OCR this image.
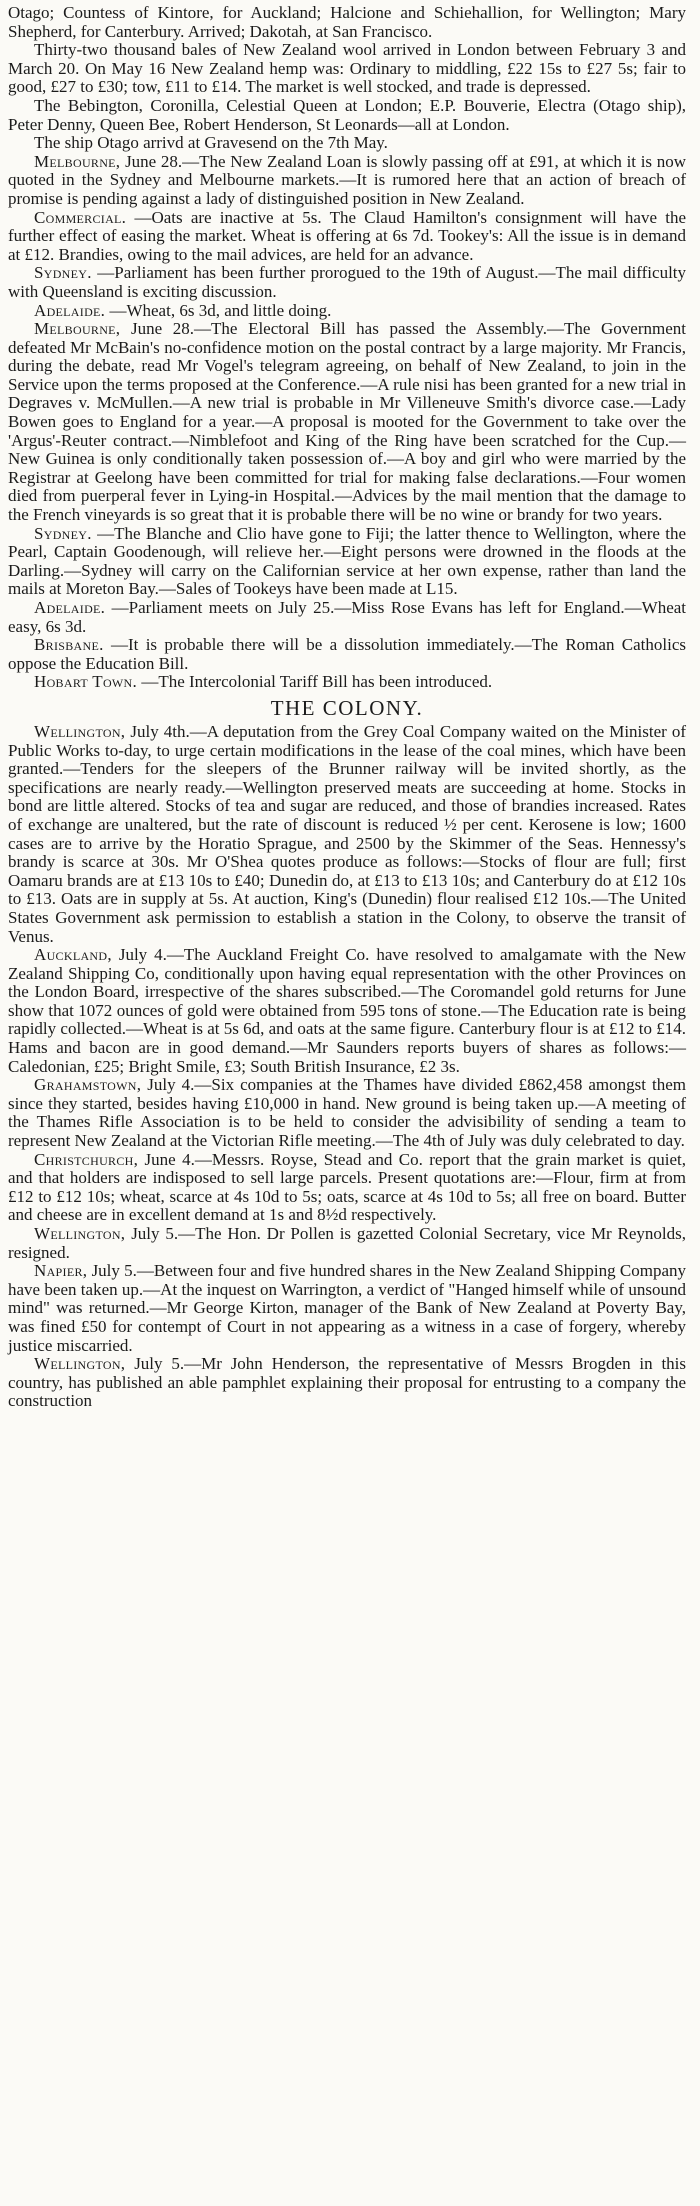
Otago; Countess of Kintore, for Auckland; Halcione and Schiehallion, for Wellington; Mary Shepherd, for Canterbury. Arrived; Dakotah, at San Francisco.

Thirty-two thousand bales of New Zealand wool arrived in London between February 3 and March 20. On May 16 New Zealand hemp was: Ordinary to middling, £22 15s to £27 5s; fair to good, £27 to £30; tow, £11 to £14. The market is well stocked, and trade is depressed.

The Bebington, Coronilla, Celestial Queen at London; E.P. Bouverie, Electra (Otago ship), Peter Denny, Queen Bee, Robert Henderson, St Leonards—all at London.

The ship Otago arrivd at Gravesend on the 7th May.

Melbourne, June 28.—The New Zealand Loan is slowly passing off at £91, at which it is now quoted in the Sydney and Melbourne markets.—It is rumored here that an action of breach of promise is pending against a lady of distinguished position in New Zealand.

Commercial. —Oats are inactive at 5s. The Claud Hamilton's consignment will have the further effect of easing the market. Wheat is offering at 6s 7d. Tookey's: All the issue is in demand at £12. Brandies, owing to the mail advices, are held for an advance.

Sydney. —Parliament has been further prorogued to the 19th of August.—The mail difficulty with Queensland is exciting discussion.

Adelaide. —Wheat, 6s 3d, and little doing.

Melbourne, June 28.—The Electoral Bill has passed the Assembly.—The Government defeated Mr McBain's no-confidence motion on the postal contract by a large majority. Mr Francis, during the debate, read Mr Vogel's telegram agreeing, on behalf of New Zealand, to join in the Service upon the terms proposed at the Conference.—A rule nisi has been granted for a new trial in Degraves v. McMullen.—A new trial is probable in Mr Villeneuve Smith's divorce case.—Lady Bowen goes to England for a year.—A proposal is mooted for the Government to take over the 'Argus'-Reuter contract.—Nimblefoot and King of the Ring have been scratched for the Cup.—New Guinea is only conditionally taken possession of.—A boy and girl who were married by the Registrar at Geelong have been committed for trial for making false declarations.—Four women died from puerperal fever in Lying-in Hospital.—Advices by the mail mention that the damage to the French vineyards is so great that it is probable there will be no wine or brandy for two years.

Sydney. —The Blanche and Clio have gone to Fiji; the latter thence to Wellington, where the Pearl, Captain Goodenough, will relieve her.—Eight persons were drowned in the floods at the Darling.—Sydney will carry on the Californian service at her own expense, rather than land the mails at Moreton Bay.—Sales of Tookeys have been made at L15.

Adelaide. —Parliament meets on July 25.—Miss Rose Evans has left for England.—Wheat easy, 6s 3d.

Brisbane. —It is probable there will be a dissolution immediately.—The Roman Catholics oppose the Education Bill.

Hobart Town. —The Intercolonial Tariff Bill has been introduced.

THE COLONY.

Wellington, July 4th.—A deputation from the Grey Coal Company waited on the Minister of Public Works to-day, to urge certain modifications in the lease of the coal mines, which have been granted.—Tenders for the sleepers of the Brunner railway will be invited shortly, as the specifications are nearly ready.—Wellington preserved meats are succeeding at home. Stocks in bond are little altered. Stocks of tea and sugar are reduced, and those of brandies increased. Rates of exchange are unaltered, but the rate of discount is reduced ½ per cent. Kerosene is low; 1600 cases are to arrive by the Horatio Sprague, and 2500 by the Skimmer of the Seas. Hennessy's brandy is scarce at 30s. Mr O'Shea quotes produce as follows:—Stocks of flour are full; first Oamaru brands are at £13 10s to £40; Dunedin do, at £13 to £13 10s; and Canterbury do at £12 10s to £13. Oats are in supply at 5s. At auction, King's (Dunedin) flour realised £12 10s.—The United States Government ask permission to establish a station in the Colony, to observe the transit of Venus.

Auckland, July 4.—The Auckland Freight Co. have resolved to amalgamate with the New Zealand Shipping Co, conditionally upon having equal representation with the other Provinces on the London Board, irrespective of the shares subscribed.—The Coromandel gold returns for June show that 1072 ounces of gold were obtained from 595 tons of stone.—The Education rate is being rapidly collected.—Wheat is at 5s 6d, and oats at the same figure. Canterbury flour is at £12 to £14. Hams and bacon are in good demand.—Mr Saunders reports buyers of shares as follows:—Caledonian, £25; Bright Smile, £3; South British Insurance, £2 3s.

Grahamstown, July 4.—Six companies at the Thames have divided £862,458 amongst them since they started, besides having £10,000 in hand. New ground is being taken up.—A meeting of the Thames Rifle Association is to be held to consider the advisibility of sending a team to represent New Zealand at the Victorian Rifle meeting.—The 4th of July was duly celebrated to day.

Christchurch, June 4.—Messrs. Royse, Stead and Co. report that the grain market is quiet, and that holders are indisposed to sell large parcels. Present quotations are:—Flour, firm at from £12 to £12 10s; wheat, scarce at 4s 10d to 5s; oats, scarce at 4s 10d to 5s; all free on board. Butter and cheese are in excellent demand at 1s and 8½d respectively.

Wellington, July 5.—The Hon. Dr Pollen is gazetted Colonial Secretary, vice Mr Reynolds, resigned.

Napier, July 5.—Between four and five hundred shares in the New Zealand Shipping Company have been taken up.—At the inquest on Warrington, a verdict of "Hanged himself while of unsound mind" was returned.—Mr George Kirton, manager of the Bank of New Zealand at Poverty Bay, was fined £50 for contempt of Court in not appearing as a witness in a case of forgery, whereby justice miscarried.

Wellington, July 5.—Mr John Henderson, the representative of Messrs Brogden in this country, has published an able pamphlet explaining their proposal for entrusting to a company the construction
